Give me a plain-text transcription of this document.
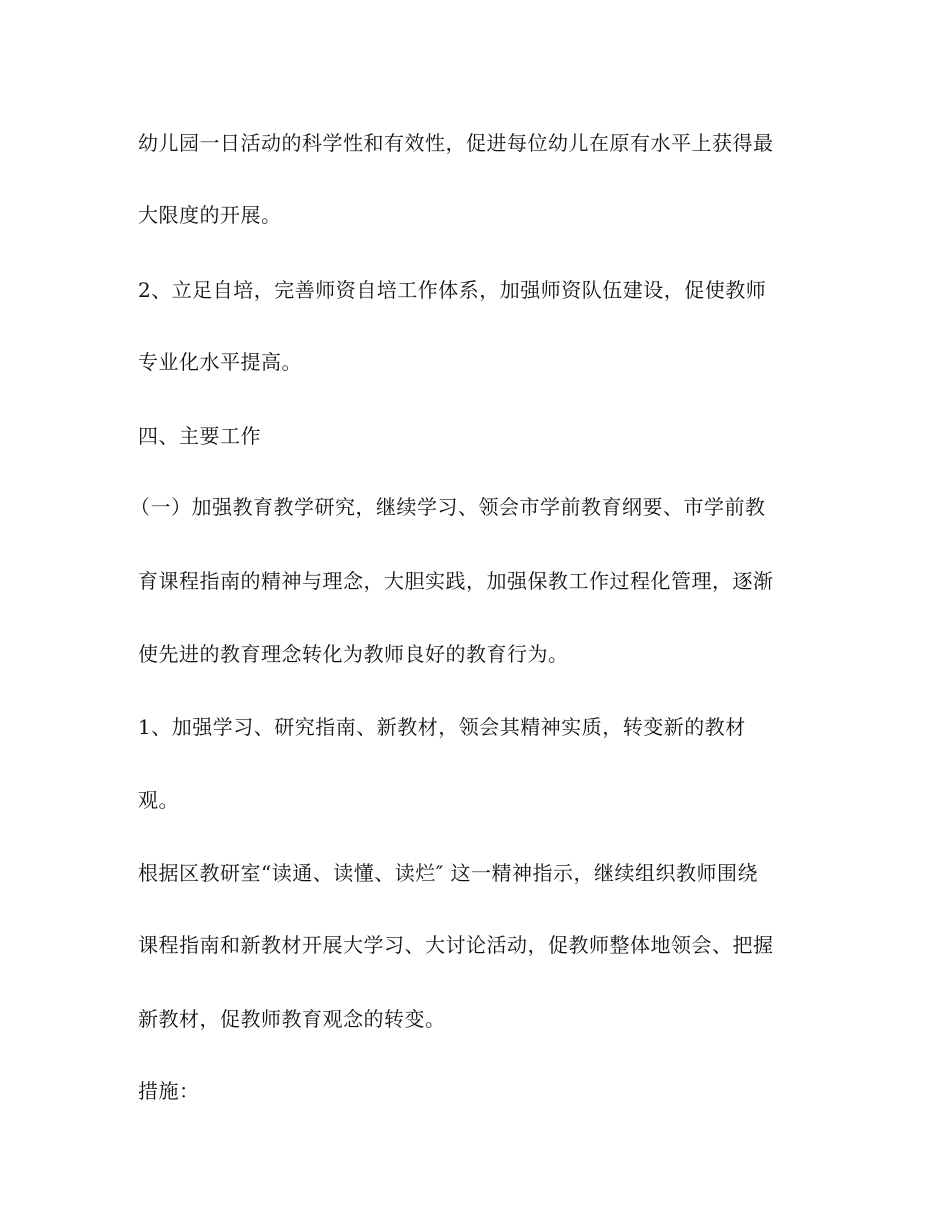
幼儿园一日活动的科学性和有效性，促进每位幼儿在原有水平上获得最

大限度的开展。

2、立足自培，完善师资自培工作体系，加强师资队伍建设，促使教师

专业化水平提高。

四、主要工作

（一）加强教育教学研究，继续学习、领会市学前教育纲要、市学前教

育课程指南的精神与理念，大胆实践，加强保教工作过程化管理，逐渐

使先进的教育理念转化为教师良好的教育行为。

1、加强学习、研究指南、新教材，领会其精神实质，转变新的教材

观。

根据区教研室“读通、读懂、读烂″ 这一精神指示，继续组织教师围绕

课程指南和新教材开展大学习、大讨论活动，促教师整体地领会、把握

新教材，促教师教育观念的转变。

措施：
